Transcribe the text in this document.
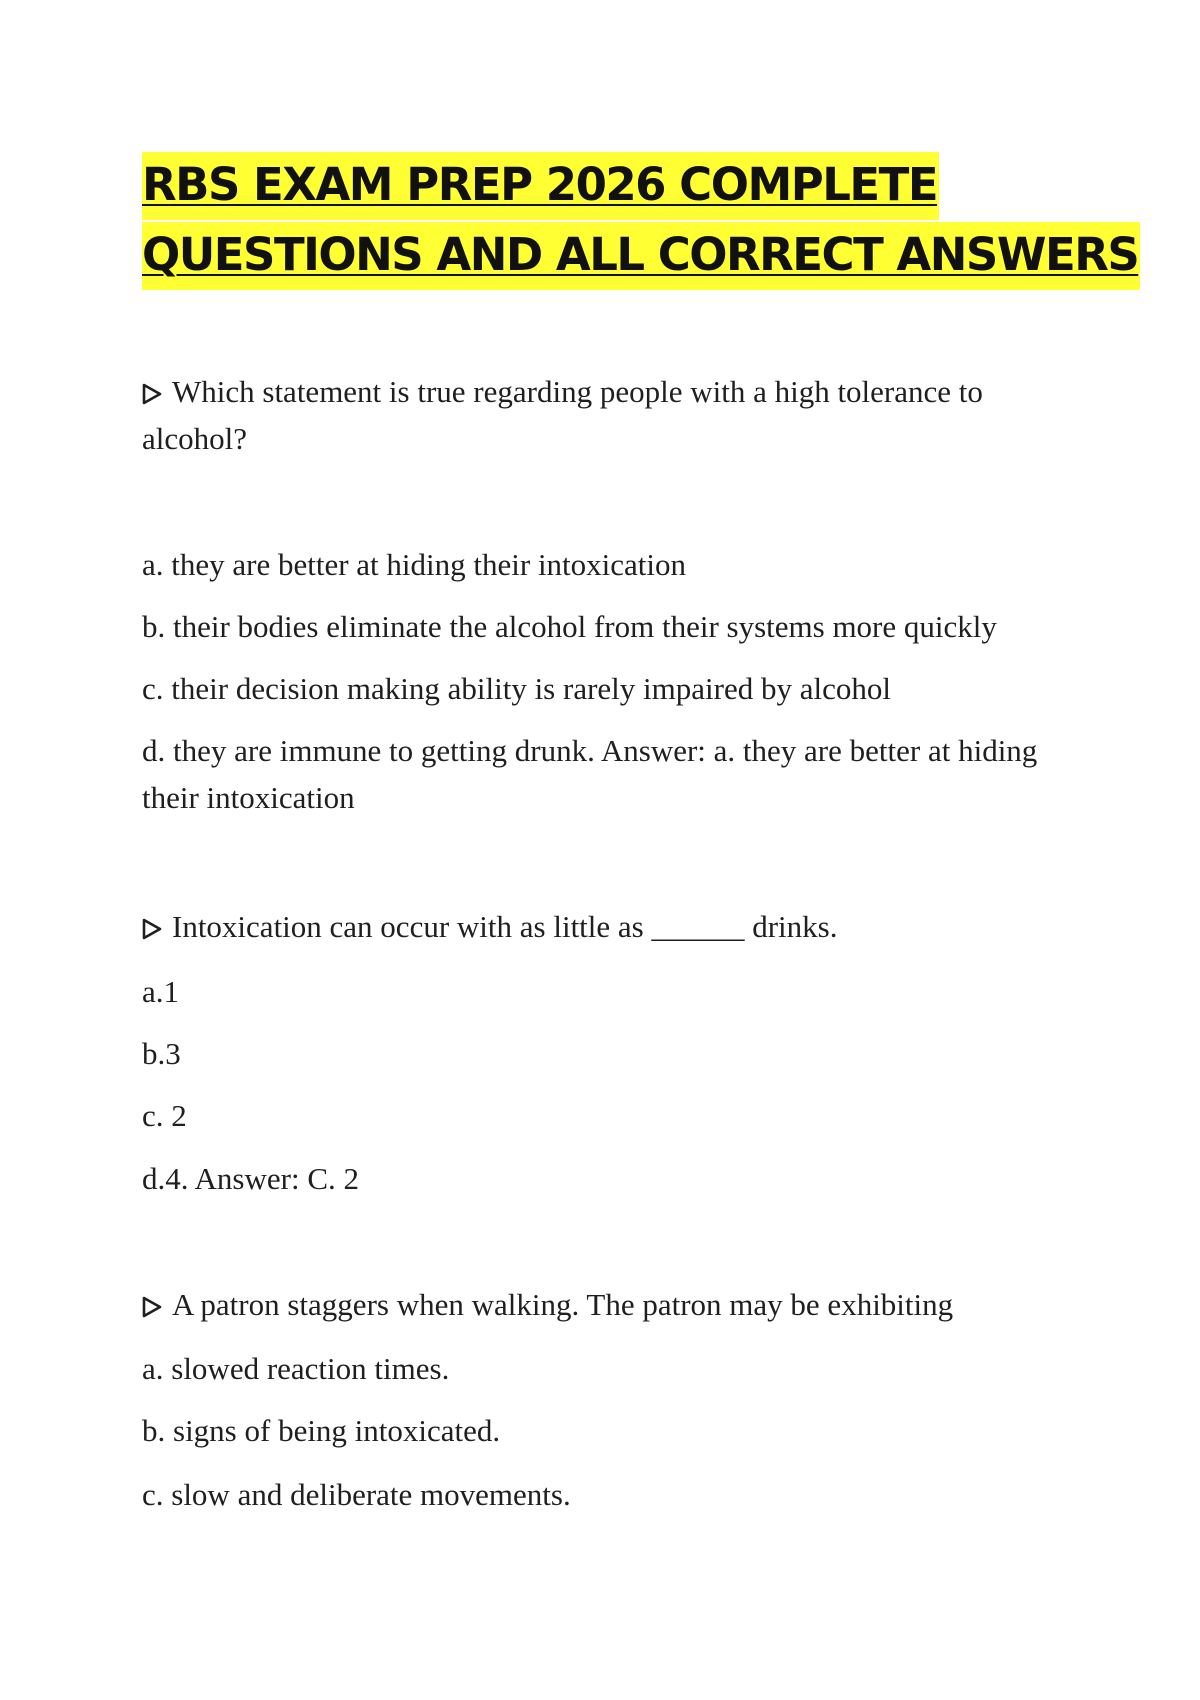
RBS EXAM PREP 2026 COMPLETE
QUESTIONS AND ALL CORRECT ANSWERS
Which statement is true regarding people with a high tolerance to
alcohol?
a. they are better at hiding their intoxication
b. their bodies eliminate the alcohol from their systems more quickly
c. their decision making ability is rarely impaired by alcohol
d. they are immune to getting drunk. Answer: a. they are better at hiding
their intoxication
Intoxication can occur with as little as ______ drinks.
a.1
b.3
c. 2
d.4. Answer: C. 2
A patron staggers when walking. The patron may be exhibiting
a. slowed reaction times.
b. signs of being intoxicated.
c. slow and deliberate movements.
